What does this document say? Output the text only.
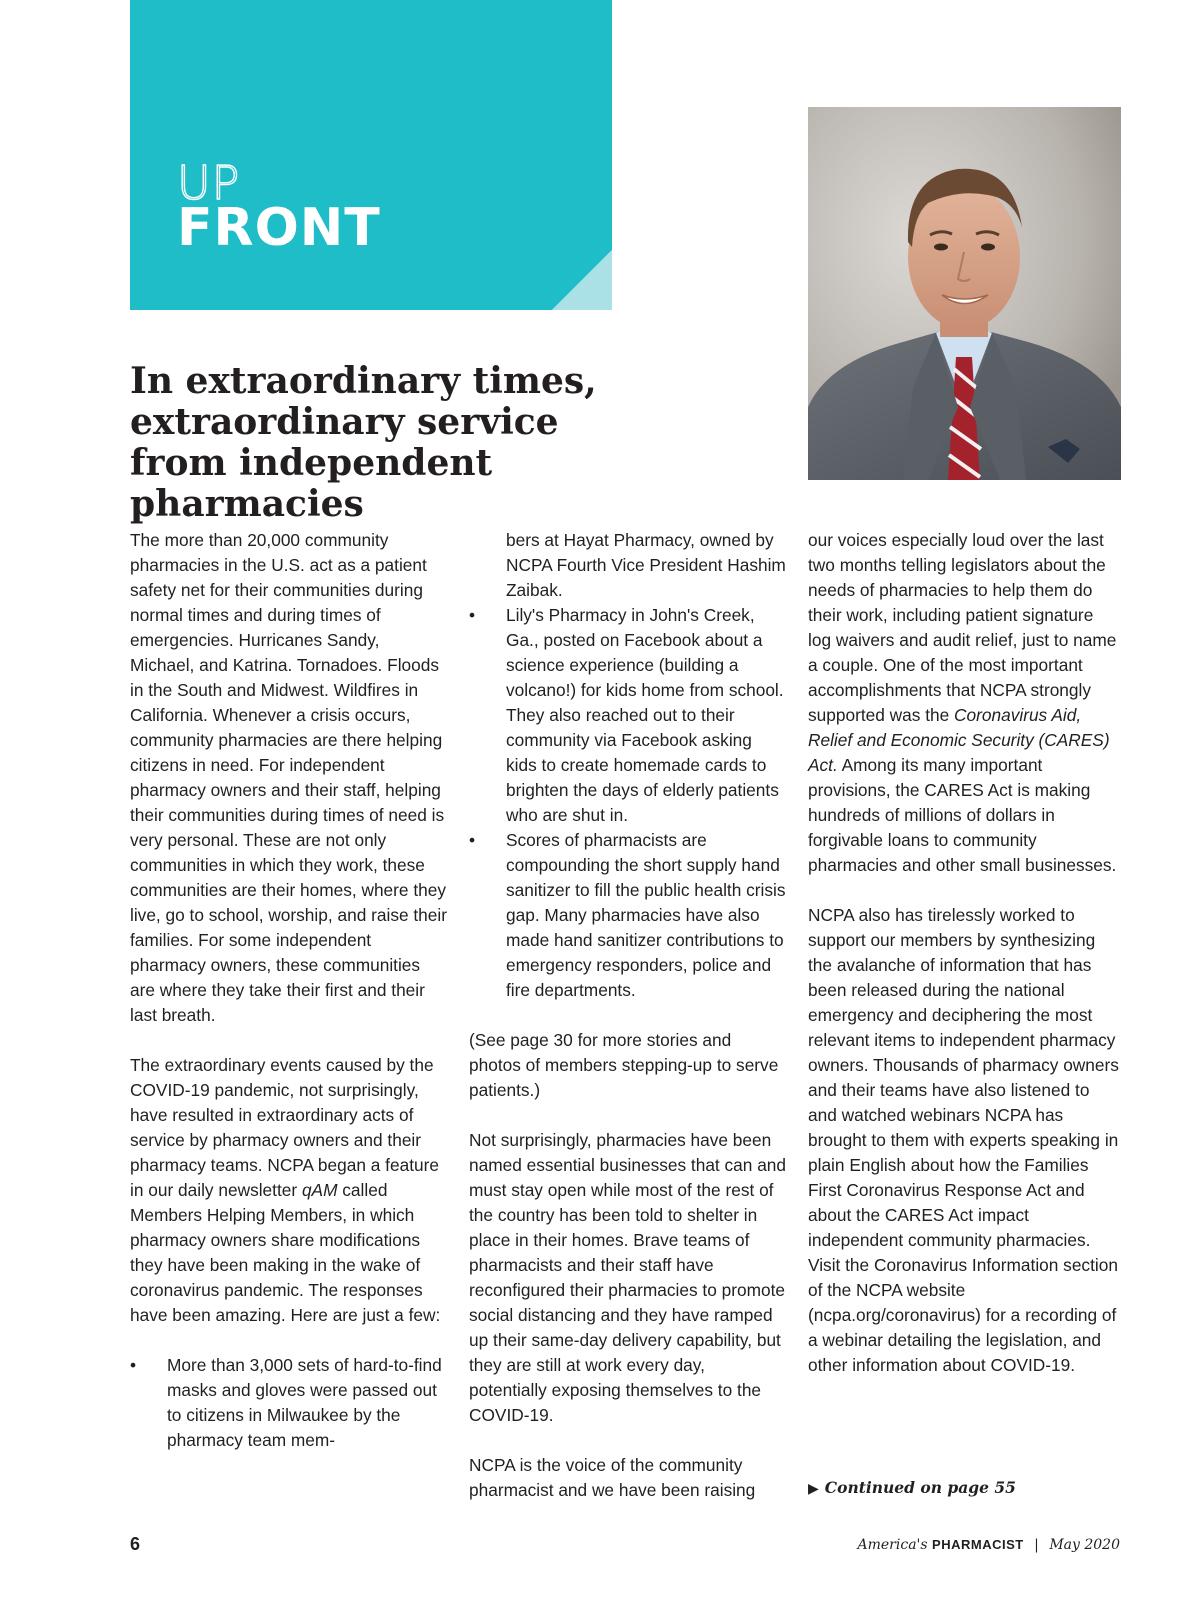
UP
FRONT
In extraordinary times, extraordinary service from independent pharmacies

The more than 20,000 community pharmacies in the U.S. act as a patient safety net for their communities during normal times and during times of emergencies. Hurricanes Sandy, Michael, and Katrina. Tornadoes. Floods in the South and Midwest. Wildfires in California. Whenever a crisis occurs, community pharmacies are there helping citizens in need. For independent pharmacy owners and their staff, helping their communities during times of need is very personal. These are not only communities in which they work, these communities are their homes, where they live, go to school, worship, and raise their families. For some independent pharmacy owners, these communities are where they take their first and their last breath.

The extraordinary events caused by the COVID-19 pandemic, not surprisingly, have resulted in extraordinary acts of service by pharmacy owners and their pharmacy teams. NCPA began a feature in our daily newsletter qAM called Members Helping Members, in which pharmacy owners share modifications they have been making in the wake of coronavirus pandemic. The responses have been amazing. Here are just a few:

• More than 3,000 sets of hard-to-find masks and gloves were passed out to citizens in Milwaukee by the pharmacy team mem-
bers at Hayat Pharmacy, owned by NCPA Fourth Vice President Hashim Zaibak.
• Lily's Pharmacy in John's Creek, Ga., posted on Facebook about a science experience (building a volcano!) for kids home from school. They also reached out to their community via Facebook asking kids to create homemade cards to brighten the days of elderly patients who are shut in.
• Scores of pharmacists are compounding the short supply hand sanitizer to fill the public health crisis gap. Many pharmacies have also made hand sanitizer contributions to emergency responders, police and fire departments.

(See page 30 for more stories and photos of members stepping-up to serve patients.)

Not surprisingly, pharmacies have been named essential businesses that can and must stay open while most of the rest of the country has been told to shelter in place in their homes. Brave teams of pharmacists and their staff have reconfigured their pharmacies to promote social distancing and they have ramped up their same-day delivery capability, but they are still at work every day, potentially exposing themselves to the COVID-19.

NCPA is the voice of the community pharmacist and we have been raising

our voices especially loud over the last two months telling legislators about the needs of pharmacies to help them do their work, including patient signature log waivers and audit relief, just to name a couple. One of the most important accomplishments that NCPA strongly supported was the Coronavirus Aid, Relief and Economic Security (CARES) Act. Among its many important provisions, the CARES Act is making hundreds of millions of dollars in forgivable loans to community pharmacies and other small businesses.

NCPA also has tirelessly worked to support our members by synthesizing the avalanche of information that has been released during the national emergency and deciphering the most relevant items to independent pharmacy owners. Thousands of pharmacy owners and their teams have also listened to and watched webinars NCPA has brought to them with experts speaking in plain English about how the Families First Coronavirus Response Act and about the CARES Act impact independent community pharmacies. Visit the Coronavirus Information section of the NCPA website (ncpa.org/coronavirus) for a recording of a webinar detailing the legislation, and other information about COVID-19.

▶ Continued on page 55
6	America's PHARMACIST | May 2020
